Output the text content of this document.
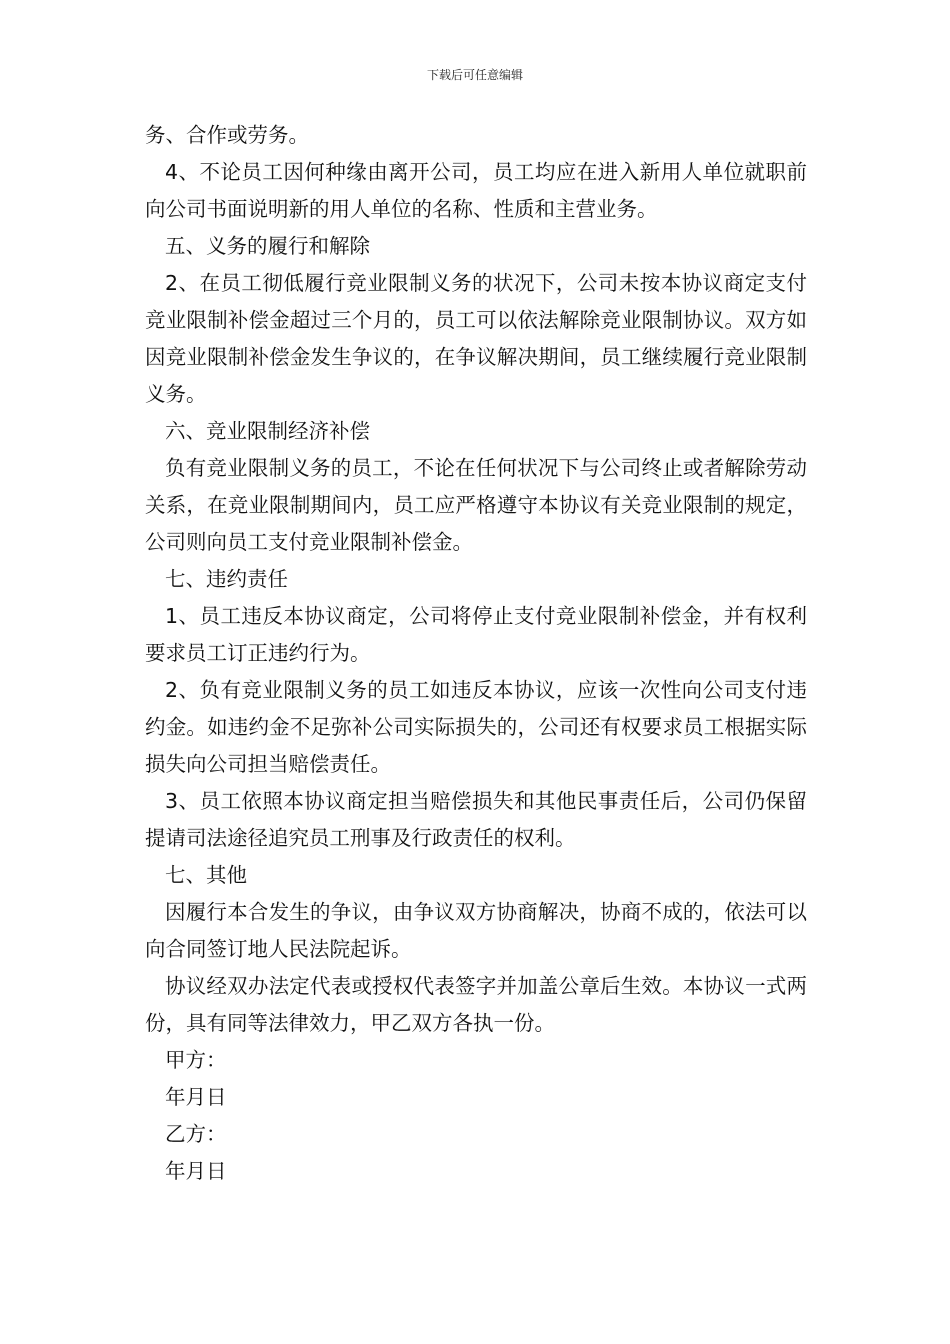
下载后可任意编辑

务、合作或劳务。

4、不论员工因何种缘由离开公司，员工均应在进入新用人单位就职前向公司书面说明新的用人单位的名称、性质和主营业务。

五、义务的履行和解除

2、在员工彻低履行竞业限制义务的状况下，公司未按本协议商定支付竞业限制补偿金超过三个月的，员工可以依法解除竞业限制协议。双方如因竞业限制补偿金发生争议的，在争议解决期间，员工继续履行竞业限制义务。

六、竞业限制经济补偿

负有竞业限制义务的员工，不论在任何状况下与公司终止或者解除劳动关系，在竞业限制期间内，员工应严格遵守本协议有关竞业限制的规定，公司则向员工支付竞业限制补偿金。

七、违约责任

1、员工违反本协议商定，公司将停止支付竞业限制补偿金，并有权利要求员工订正违约行为。

2、负有竞业限制义务的员工如违反本协议，应该一次性向公司支付违约金。如违约金不足弥补公司实际损失的，公司还有权要求员工根据实际损失向公司担当赔偿责任。

3、员工依照本协议商定担当赔偿损失和其他民事责任后，公司仍保留提请司法途径追究员工刑事及行政责任的权利。

七、其他

因履行本合发生的争议，由争议双方协商解决，协商不成的，依法可以向合同签订地人民法院起诉。

协议经双办法定代表或授权代表签字并加盖公章后生效。本协议一式两份，具有同等法律效力，甲乙双方各执一份。

甲方：

年月日

乙方：

年月日
